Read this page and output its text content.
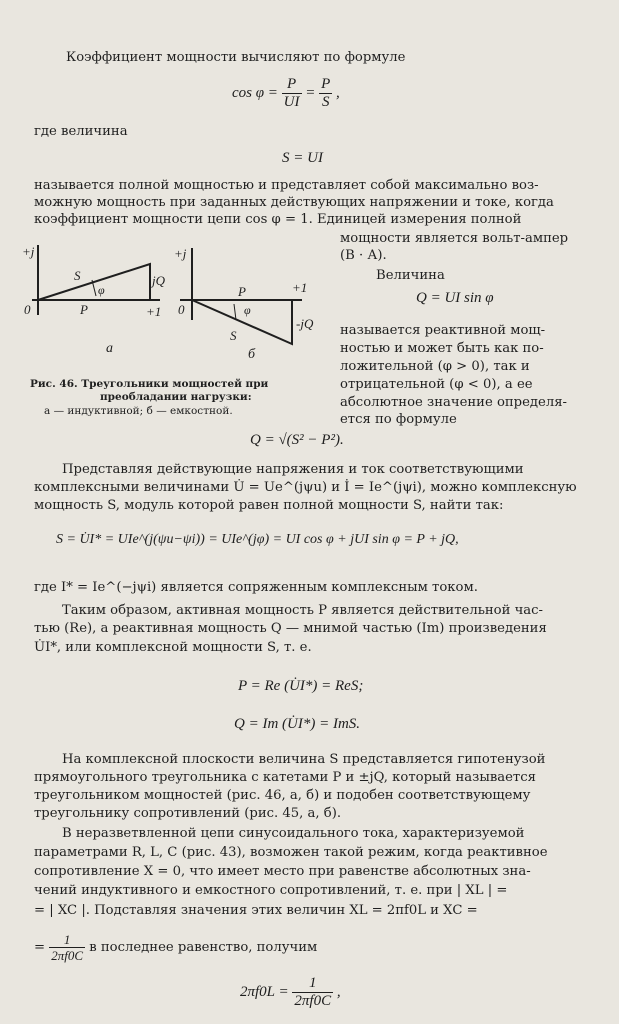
Коэффициент мощности вычисляют по формуле
$\cos \varphi = \frac{P}{UI} = \frac{P}{S}$ ,
где величина
S = UI
называется полной мощностью и представляет собой максимально воз-
можную мощность при заданных действующих напряжении и токе, когда
коэффициент мощности цепи cos φ = 1. Единицей измерения полной
мощности является вольт-ампер
(В · А).
Величина
Q = UI sin φ
называется реактивной мощ-
ностью и может быть как по-
ложительной (φ > 0), так и
отрицательной (φ < 0), а ее
абсолютное значение определя-
ется по формуле
+j
0	+1
S
P
jQ
φ
а
+j
0
+1
P
φ
S
-jQ
б
Рис. 46. Треугольники мощностей при
преобладании нагрузки:
а — индуктивной; б — емкостной.
Q = √(S² − P²).
Представляя действующие напряжения и ток соответствующими
комплексными величинами U̇ = Ue^(jψu) и İ = Ie^(jψi), можно комплексную
мощность S, модуль которой равен полной мощности S, найти так:
S = U̇I* = UIe^(j(ψu−ψi)) = UIe^(jφ) = UI cos φ + jUI sin φ = P + jQ,
где I* = Ie^(−jψi) является сопряженным комплексным током.
Таким образом, активная мощность P является действительной час-
тью (Re), а реактивная мощность Q — мнимой частью (Im) произведения
U̇I*, или комплексной мощности S, т. е.
P = Re (U̇I*) = ReS;
Q = Im (U̇I*) = ImS.
На комплексной плоскости величина S представляется гипотенузой
прямоугольного треугольника с катетами P и ±jQ, который называется
треугольником мощностей (рис. 46, а, б) и подобен соответствующему
треугольнику сопротивлений (рис. 45, а, б).
В неразветвленной цепи синусоидального тока, характеризуемой
параметрами R, L, C (рис. 43), возможен такой режим, когда реактивное
сопротивление X = 0, что имеет место при равенстве абсолютных зна-
чений индуктивного и емкостного сопротивлений, т. е. при | XL | =
= | XC |. Подставляя значения этих величин XL = 2πf0L и XC =
= $\frac{1}{2\pi f0C}$ в последнее равенство, получим
$2\pi f0L = \frac{1}{2\pi f0C}$ ,
